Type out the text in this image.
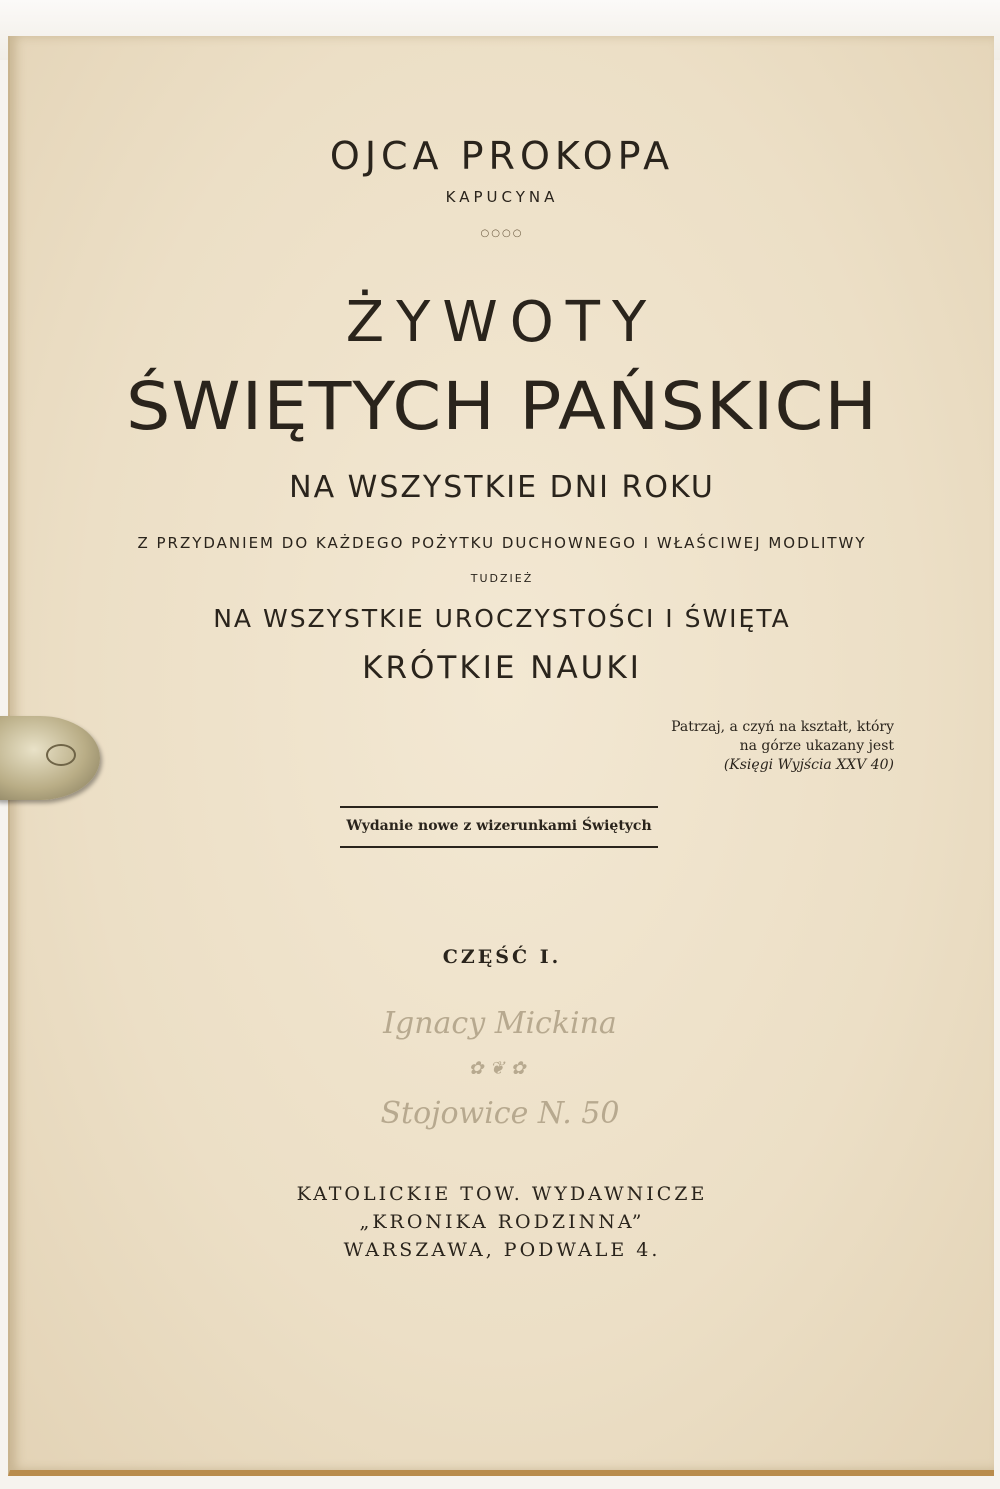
OJCA PROKOPA
KAPUCYNA
○○○○
ŻYWOTY
ŚWIĘTYCH PAŃSKICH
NA WSZYSTKIE DNI ROKU
Z PRZYDANIEM DO KAŻDEGO POŻYTKU DUCHOWNEGO I WŁAŚCIWEJ MODLITWY
TUDZIEŻ
NA WSZYSTKIE UROCZYSTOŚCI I ŚWIĘTA
KRÓTKIE NAUKI
Patrzaj, a czyń na kształt, który
na górze ukazany jest
(Księgi Wyjścia XXV 40)
Wydanie nowe z wizerunkami Świętych
CZĘŚĆ I.
Ignacy Mickina
✿❦✿
Stojowice N. 50
KATOLICKIE TOW. WYDAWNICZE
„KRONIKA RODZINNA”
WARSZAWA, PODWALE 4.
